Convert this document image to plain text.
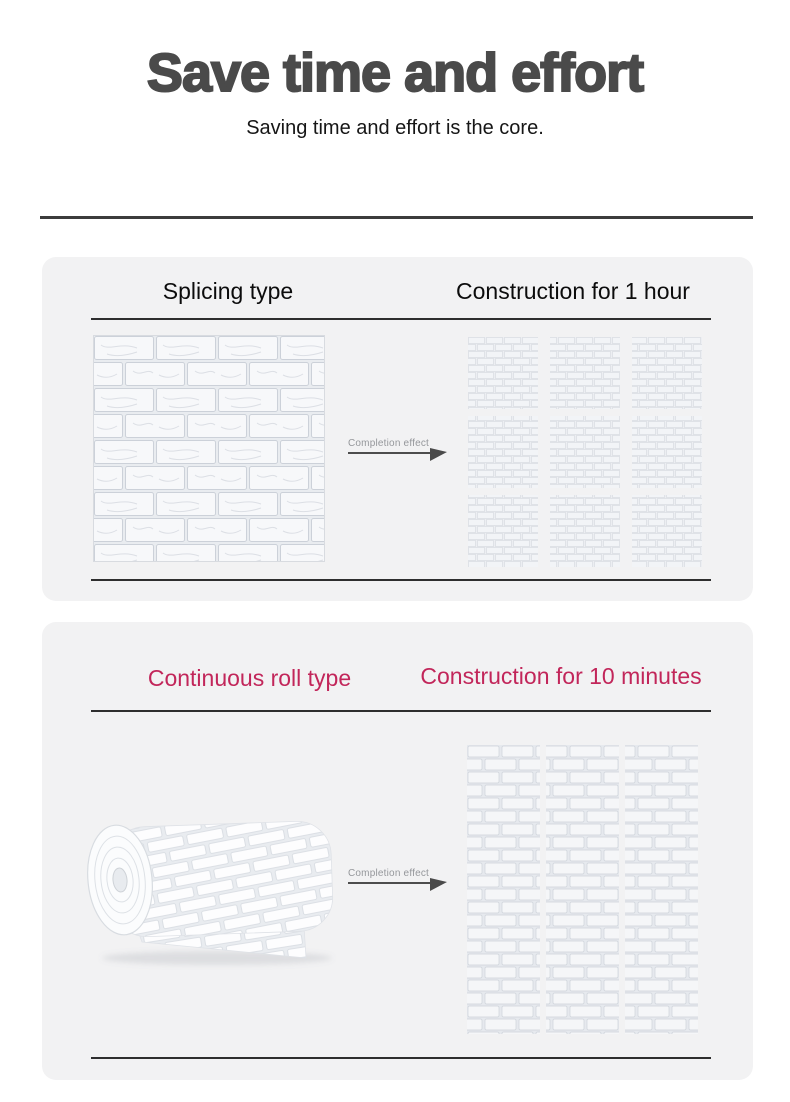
Save time and effort

Saving time and effort is the core.

Splicing type	Construction for 1 hour
Completion effect
Continuous roll type	Construction for 10 minutes
Completion effect
